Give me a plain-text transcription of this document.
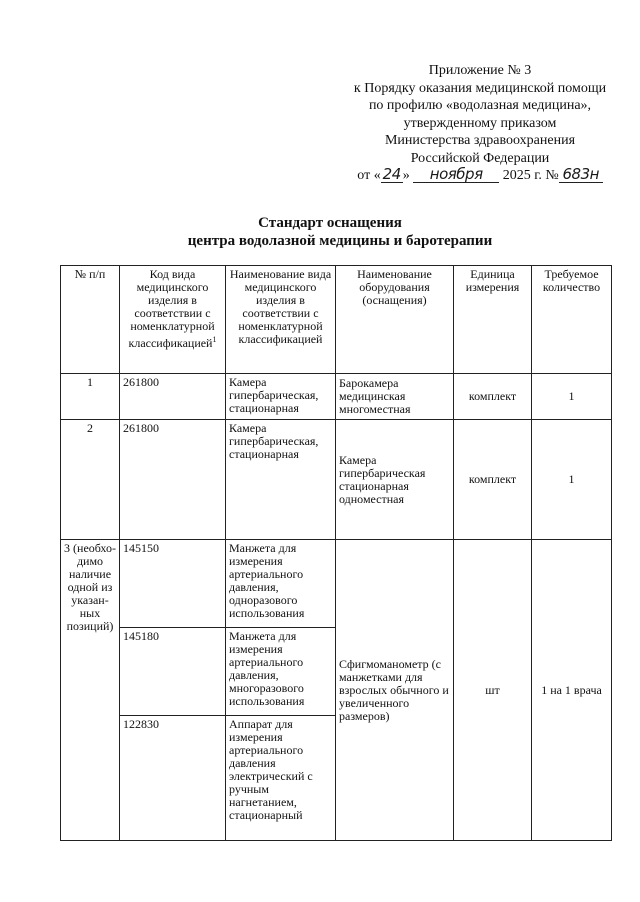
Приложение № 3
к Порядку оказания медицинской помощи
по профилю «водолазная медицина»,
утвержденному приказом
Министерства здравоохранения
Российской Федерации
от « 24 » ноября 2025 г. № 683н
Стандарт оснащения
центра водолазной медицины и баротерапии
№ п/п	Код вида медицинского изделия в соответствии с номенклатурной классификацией$^1$	Наименование вида медицинского изделия в соответствии с номенклатурной классификацией	Наименование оборудования (оснащения)	Единица измерения	Требуемое количество
1	261800	Камера гипербарическая, стационарная	Барокамера медицинская многоместная	комплект	1
2	261800	Камера гипербарическая, стационарная	Камера гипербарическая стационарная одноместная	комплект	1
3 (необхо-димо наличие одной из указан-ных позиций)	145150	Манжета для измерения артериального давления, одноразового использования	Сфигмоманометр (с манжетками для взрослых обычного и увеличенного размеров)	шт	1 на 1 врача
	145180	Манжета для измерения артериального давления, многоразового использования			
	122830	Аппарат для измерения артериального давления электрический с ручным нагнетанием, стационарный			
